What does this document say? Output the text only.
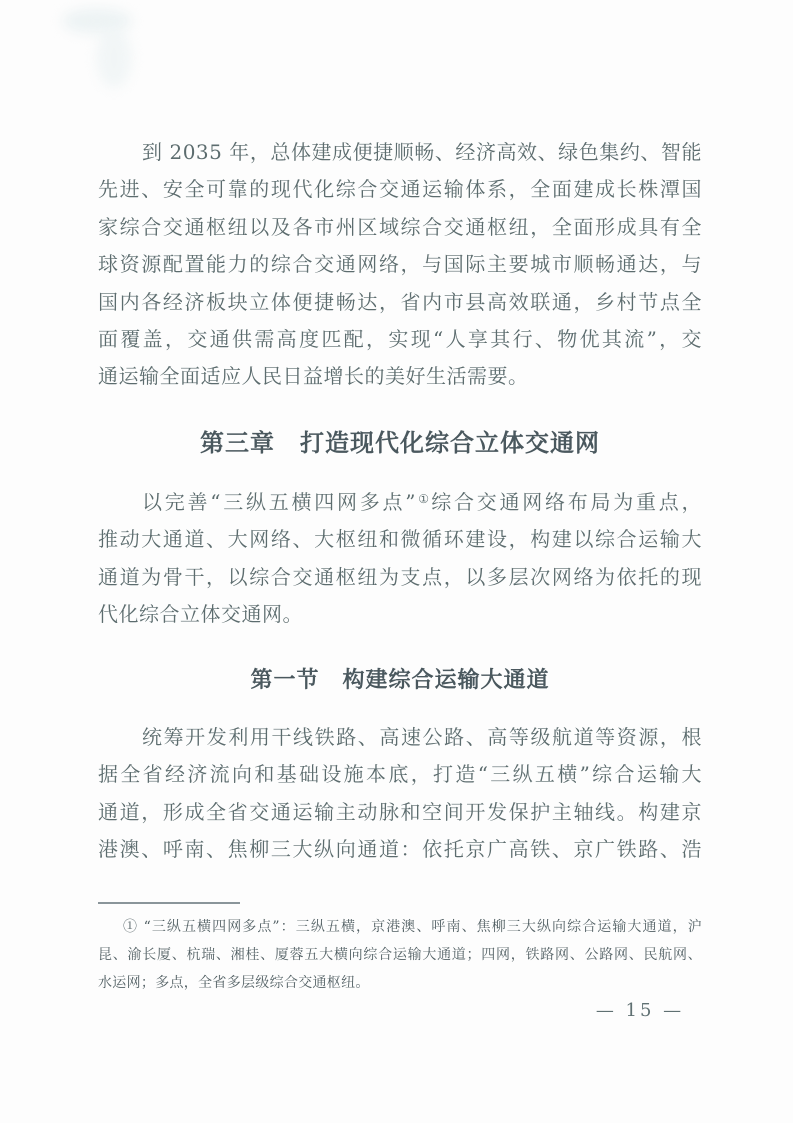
到 2035 年，总体建成便捷顺畅、经济高效、绿色集约、智能
先进、安全可靠的现代化综合交通运输体系，全面建成长株潭国
家综合交通枢纽以及各市州区域综合交通枢纽，全面形成具有全
球资源配置能力的综合交通网络，与国际主要城市顺畅通达，与
国内各经济板块立体便捷畅达，省内市县高效联通，乡村节点全
面覆盖，交通供需高度匹配，实现“人享其行、物优其流”，交
通运输全面适应人民日益增长的美好生活需要。
第三章　打造现代化综合立体交通网
以完善“三纵五横四网多点”①综合交通网络布局为重点，
推动大通道、大网络、大枢纽和微循环建设，构建以综合运输大
通道为骨干，以综合交通枢纽为支点，以多层次网络为依托的现
代化综合立体交通网。
第一节　构建综合运输大通道
统筹开发利用干线铁路、高速公路、高等级航道等资源，根
据全省经济流向和基础设施本底，打造“三纵五横”综合运输大
通道，形成全省交通运输主动脉和空间开发保护主轴线。构建京
港澳、呼南、焦柳三大纵向通道：依托京广高铁、京广铁路、浩
① “三纵五横四网多点”：三纵五横，京港澳、呼南、焦柳三大纵向综合运输大通道，沪
昆、渝长厦、杭瑞、湘桂、厦蓉五大横向综合运输大通道；四网，铁路网、公路网、民航网、
水运网；多点，全省多层级综合交通枢纽。
— 15 —
